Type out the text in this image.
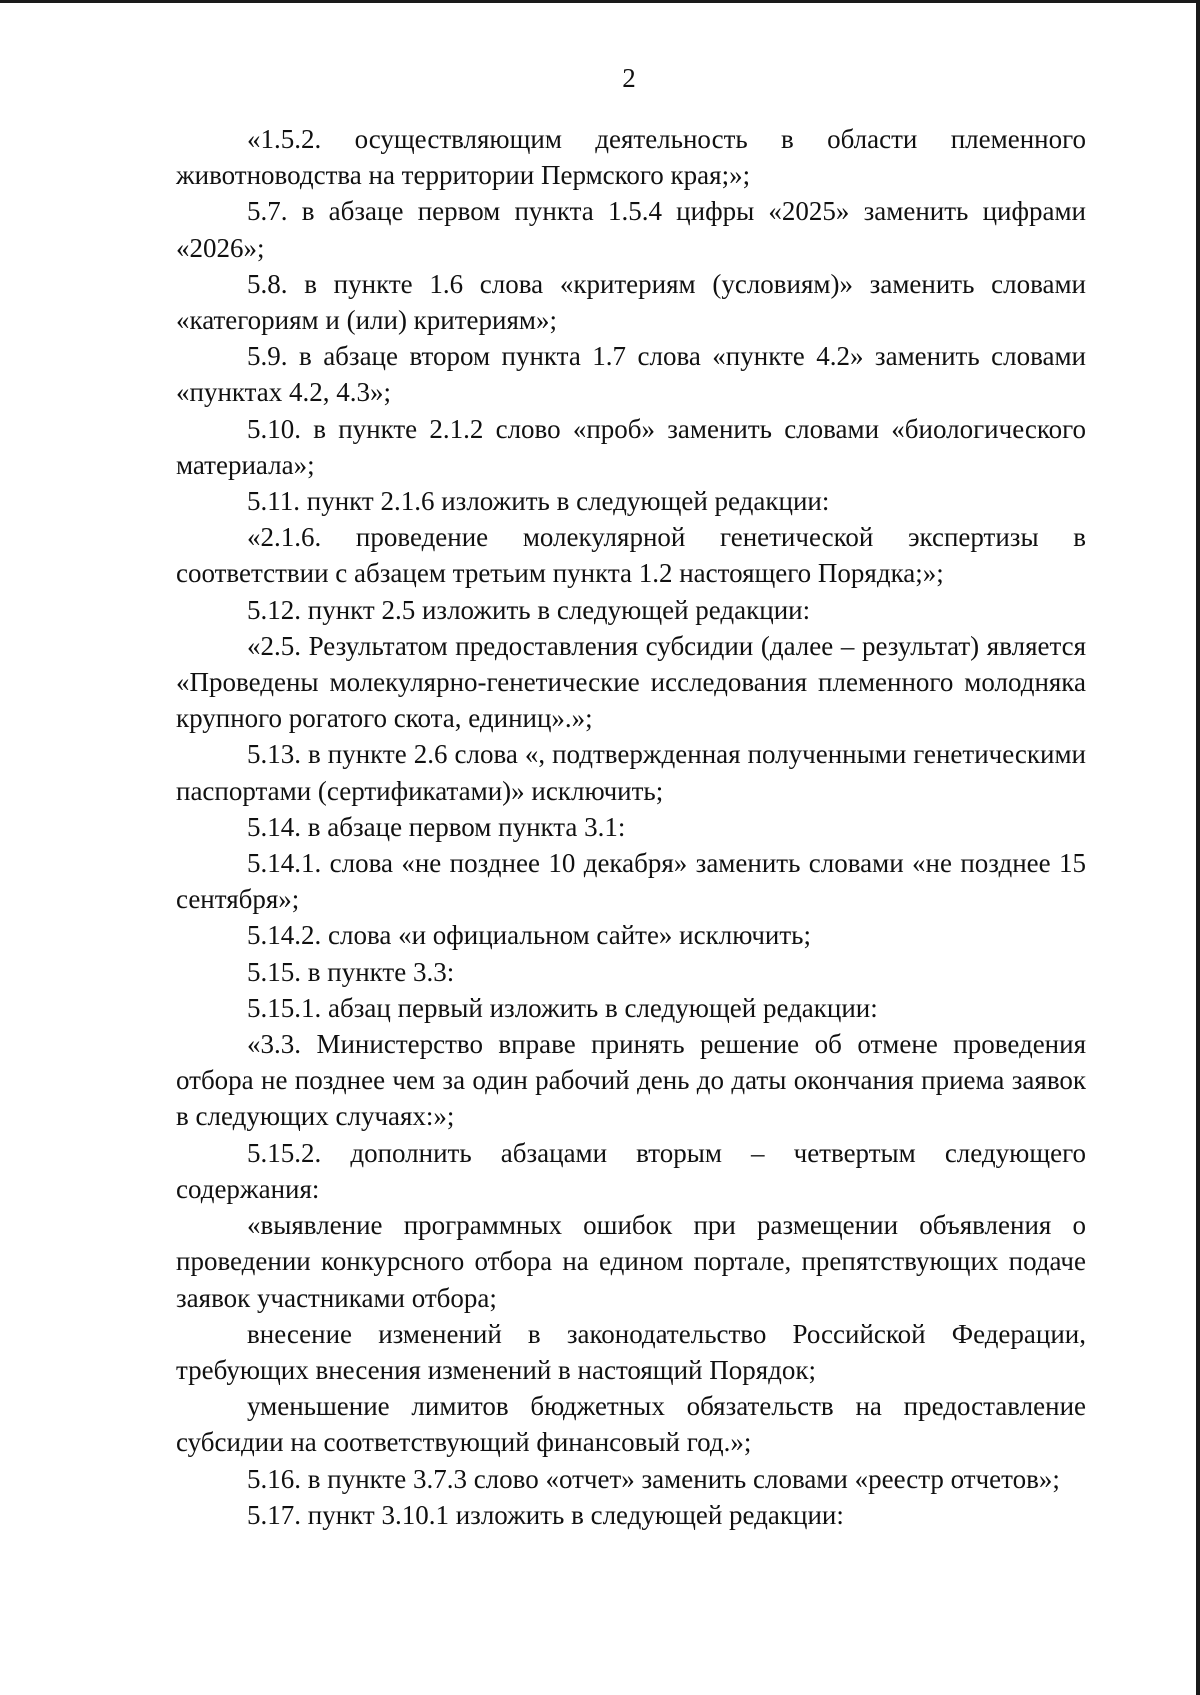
2

«1.5.2. осуществляющим деятельность в области племенного животноводства на территории Пермского края;»;

5.7. в абзаце первом пункта 1.5.4 цифры «2025» заменить цифрами «2026»;

5.8. в пункте 1.6 слова «критериям (условиям)» заменить словами «категориям и (или) критериям»;

5.9. в абзаце втором пункта 1.7 слова «пункте 4.2» заменить словами «пунктах 4.2, 4.3»;

5.10. в пункте 2.1.2 слово «проб» заменить словами «биологического материала»;

5.11. пункт 2.1.6 изложить в следующей редакции:

«2.1.6. проведение молекулярной генетической экспертизы в соответствии с абзацем третьим пункта 1.2 настоящего Порядка;»;

5.12. пункт 2.5 изложить в следующей редакции:

«2.5. Результатом предоставления субсидии (далее – результат) является «Проведены молекулярно-генетические исследования племенного молодняка крупного рогатого скота, единиц».»;

5.13. в пункте 2.6 слова «, подтвержденная полученными генетическими паспортами (сертификатами)» исключить;

5.14. в абзаце первом пункта 3.1:

5.14.1. слова «не позднее 10 декабря» заменить словами «не позднее 15 сентября»;

5.14.2. слова «и официальном сайте» исключить;

5.15. в пункте 3.3:

5.15.1. абзац первый изложить в следующей редакции:

«3.3. Министерство вправе принять решение об отмене проведения отбора не позднее чем за один рабочий день до даты окончания приема заявок в следующих случаях:»;

5.15.2. дополнить абзацами вторым – четвертым следующего содержания:

«выявление программных ошибок при размещении объявления о проведении конкурсного отбора на едином портале, препятствующих подаче заявок участниками отбора;

внесение изменений в законодательство Российской Федерации, требующих внесения изменений в настоящий Порядок;

уменьшение лимитов бюджетных обязательств на предоставление субсидии на соответствующий финансовый год.»;

5.16. в пункте 3.7.3 слово «отчет» заменить словами «реестр отчетов»;

5.17. пункт 3.10.1 изложить в следующей редакции:
